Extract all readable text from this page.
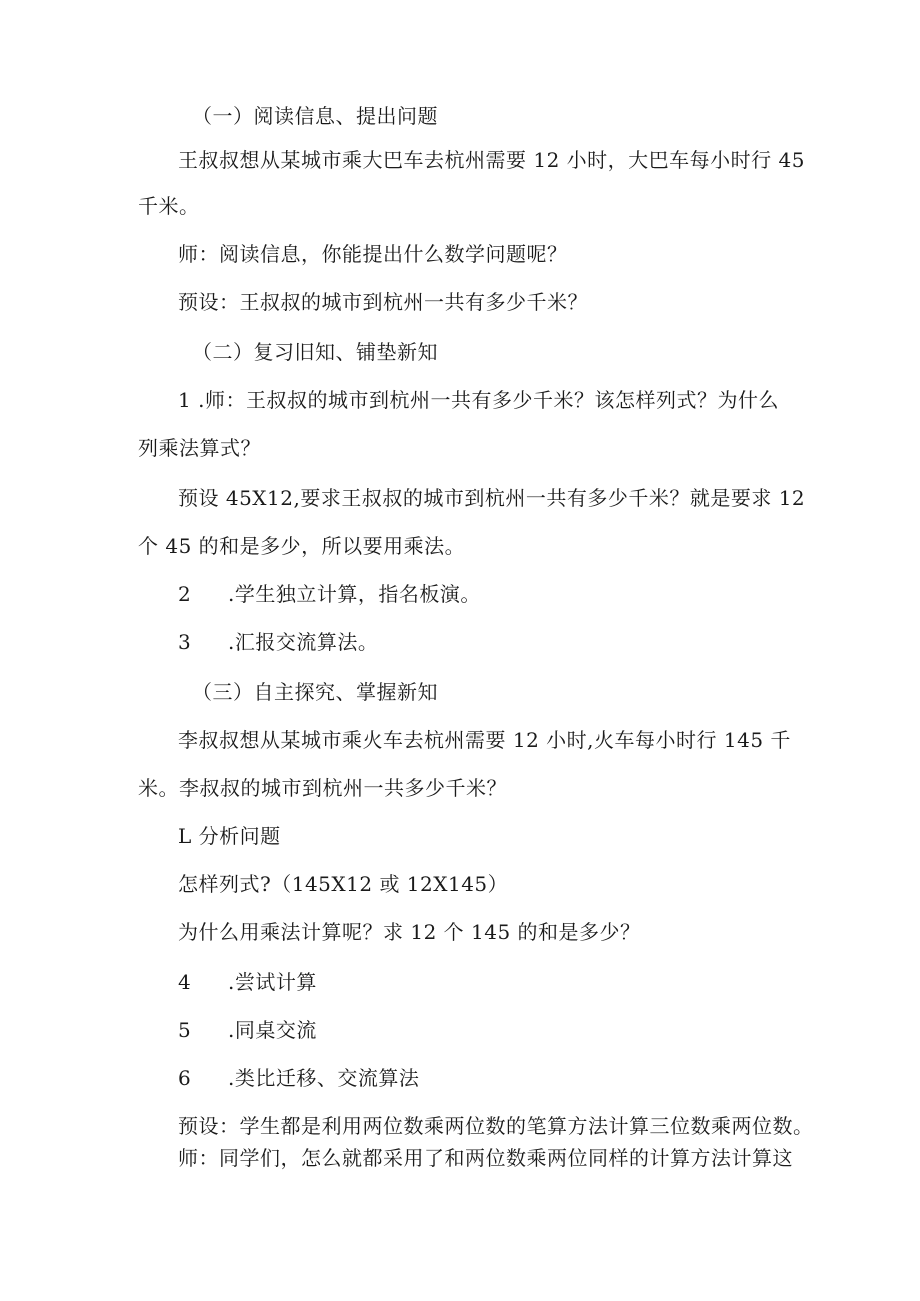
（一）阅读信息、提出问题
王叔叔想从某城市乘大巴车去杭州需要 12 小时，大巴车每小时行 45
千米。
师：阅读信息，你能提出什么数学问题呢？
预设：王叔叔的城市到杭州一共有多少千米？
（二）复习旧知、铺垫新知
1 .师：王叔叔的城市到杭州一共有多少千米？该怎样列式？为什么
列乘法算式？
预设 45X12,要求王叔叔的城市到杭州一共有多少千米？就是要求 12
个 45 的和是多少，所以要用乘法。
2 .学生独立计算，指名板演。
3 .汇报交流算法。
（三）自主探究、掌握新知
李叔叔想从某城市乘火车去杭州需要 12 小时,火车每小时行 145 千
米。李叔叔的城市到杭州一共多少千米？
L 分析问题
怎样列式?（145X12 或 12X145）
为什么用乘法计算呢？求 12 个 145 的和是多少？
4 .尝试计算
5 .同桌交流
6 .类比迁移、交流算法
预设：学生都是利用两位数乘两位数的笔算方法计算三位数乘两位数。
师：同学们，怎么就都采用了和两位数乘两位同样的计算方法计算这
